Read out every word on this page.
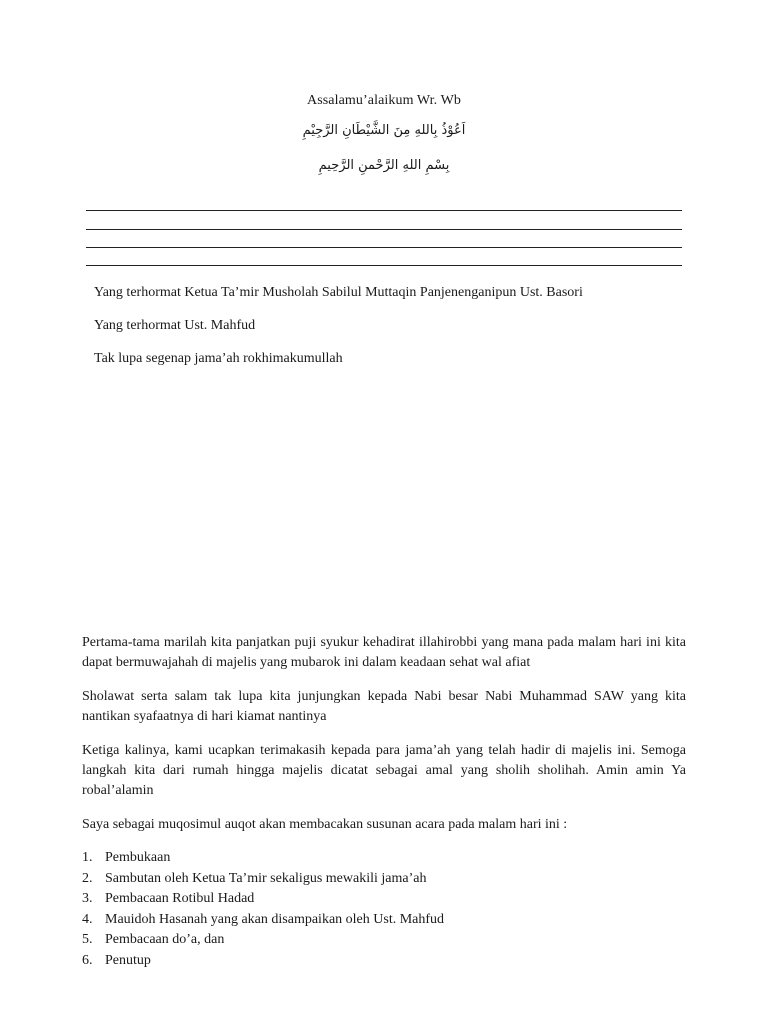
Assalamu’alaikum Wr. Wb
اَعُوْذُ بِاللهِ مِنَ الشَّيْطَانِ الرَّجِيْمِ
بِسْمِ اللهِ الرَّحْمنِ الرَّحِيمِ
Yang terhormat Ketua Ta’mir Musholah Sabilul Muttaqin Panjenenganipun Ust. Basori
Yang terhormat Ust. Mahfud
Tak lupa segenap jama’ah rokhimakumullah
Pertama-tama marilah kita panjatkan puji syukur kehadirat illahirobbi yang mana pada malam hari ini kita dapat bermuwajahah di majelis yang mubarok ini dalam keadaan sehat wal afiat
Sholawat serta salam tak lupa kita junjungkan kepada Nabi besar Nabi Muhammad SAW yang kita nantikan syafaatnya di hari kiamat nantinya
Ketiga kalinya, kami ucapkan terimakasih kepada para jama’ah yang telah hadir di majelis ini. Semoga langkah kita dari rumah hingga majelis dicatat sebagai amal yang sholih sholihah. Amin amin Ya robal’alamin
Saya sebagai muqosimul auqot akan membacakan susunan acara pada malam hari ini :
1. Pembukaan
2. Sambutan oleh Ketua Ta’mir sekaligus mewakili jama’ah
3. Pembacaan Rotibul Hadad
4. Mauidoh Hasanah yang akan disampaikan oleh Ust. Mahfud
5. Pembacaan do’a, dan
6. Penutup
